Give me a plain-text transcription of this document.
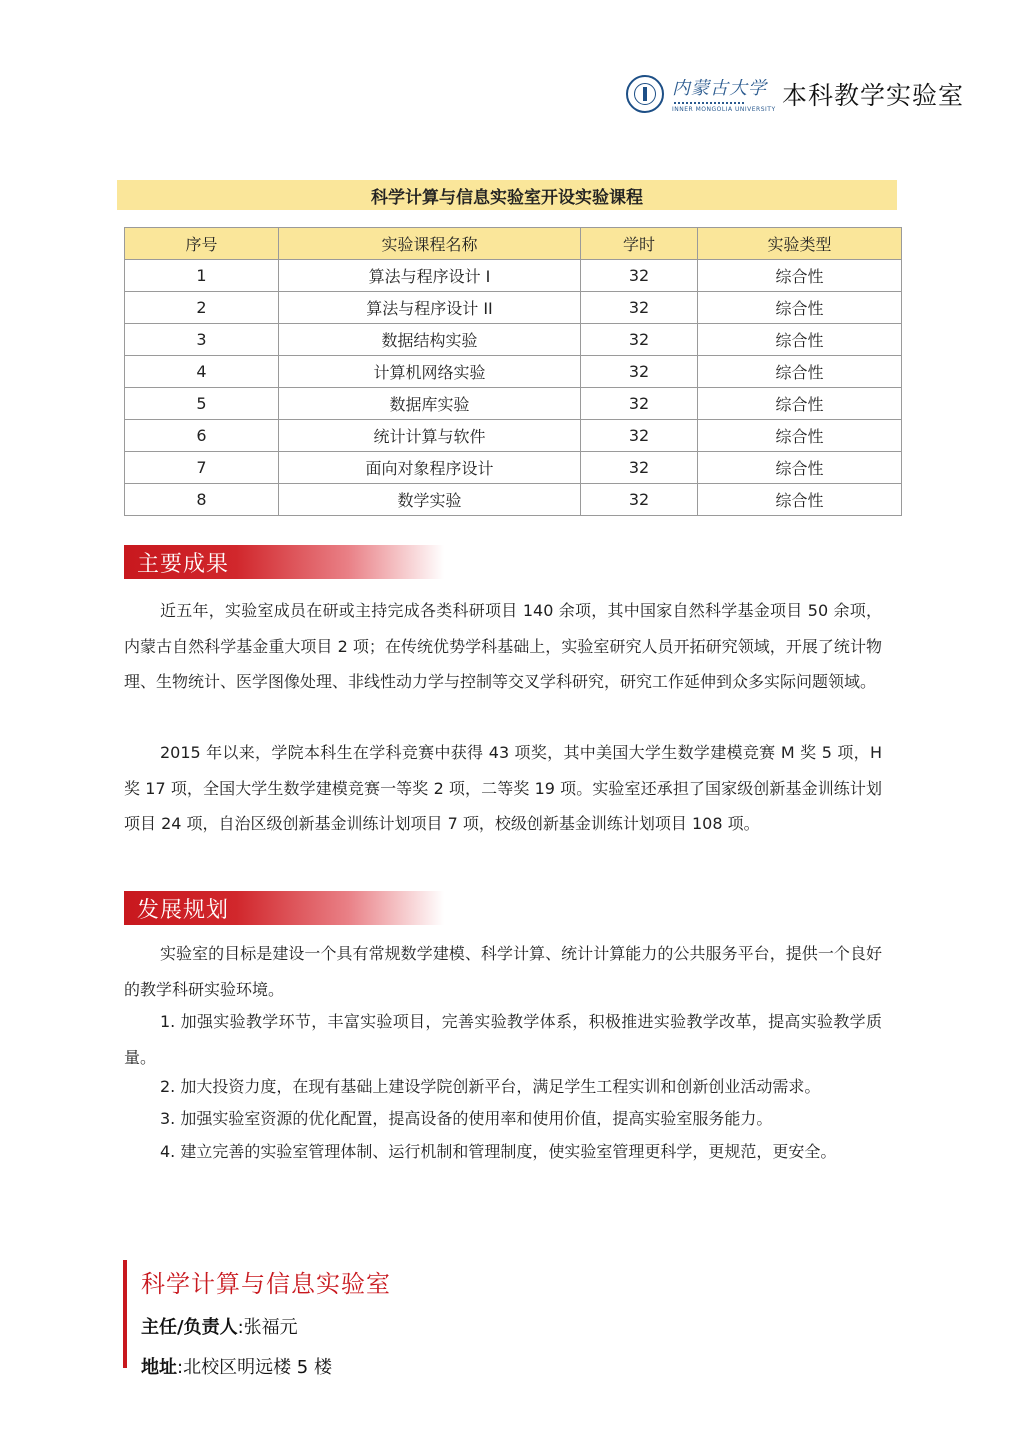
内蒙古大学
INNER MONGOLIA UNIVERSITY 本科教学实验室
科学计算与信息实验室开设实验课程
序号	实验课程名称	学时	实验类型
1	算法与程序设计 I	32	综合性
2	算法与程序设计 II	32	综合性
3	数据结构实验	32	综合性
4	计算机网络实验	32	综合性
5	数据库实验	32	综合性
6	统计计算与软件	32	综合性
7	面向对象程序设计	32	综合性
8	数学实验	32	综合性
主要成果

近五年，实验室成员在研或主持完成各类科研项目 140 余项，其中国家自然科学基金项目 50 余项，内蒙古自然科学基金重大项目 2 项；在传统优势学科基础上，实验室研究人员开拓研究领域，开展了统计物理、生物统计、医学图像处理、非线性动力学与控制等交叉学科研究，研究工作延伸到众多实际问题领域。

2015 年以来，学院本科生在学科竞赛中获得 43 项奖，其中美国大学生数学建模竞赛 M 奖 5 项，H 奖 17 项，全国大学生数学建模竞赛一等奖 2 项，二等奖 19 项。实验室还承担了国家级创新基金训练计划项目 24 项，自治区级创新基金训练计划项目 7 项，校级创新基金训练计划项目 108 项。

发展规划

实验室的目标是建设一个具有常规数学建模、科学计算、统计计算能力的公共服务平台，提供一个良好的教学科研实验环境。

1. 加强实验教学环节，丰富实验项目，完善实验教学体系，积极推进实验教学改革，提高实验教学质量。

2. 加大投资力度，在现有基础上建设学院创新平台，满足学生工程实训和创新创业活动需求。

3. 加强实验室资源的优化配置，提高设备的使用率和使用价值，提高实验室服务能力。

4. 建立完善的实验室管理体制、运行机制和管理制度，使实验室管理更科学，更规范，更安全。

科学计算与信息实验室
主任/负责人:张福元
地址:北校区明远楼 5 楼
